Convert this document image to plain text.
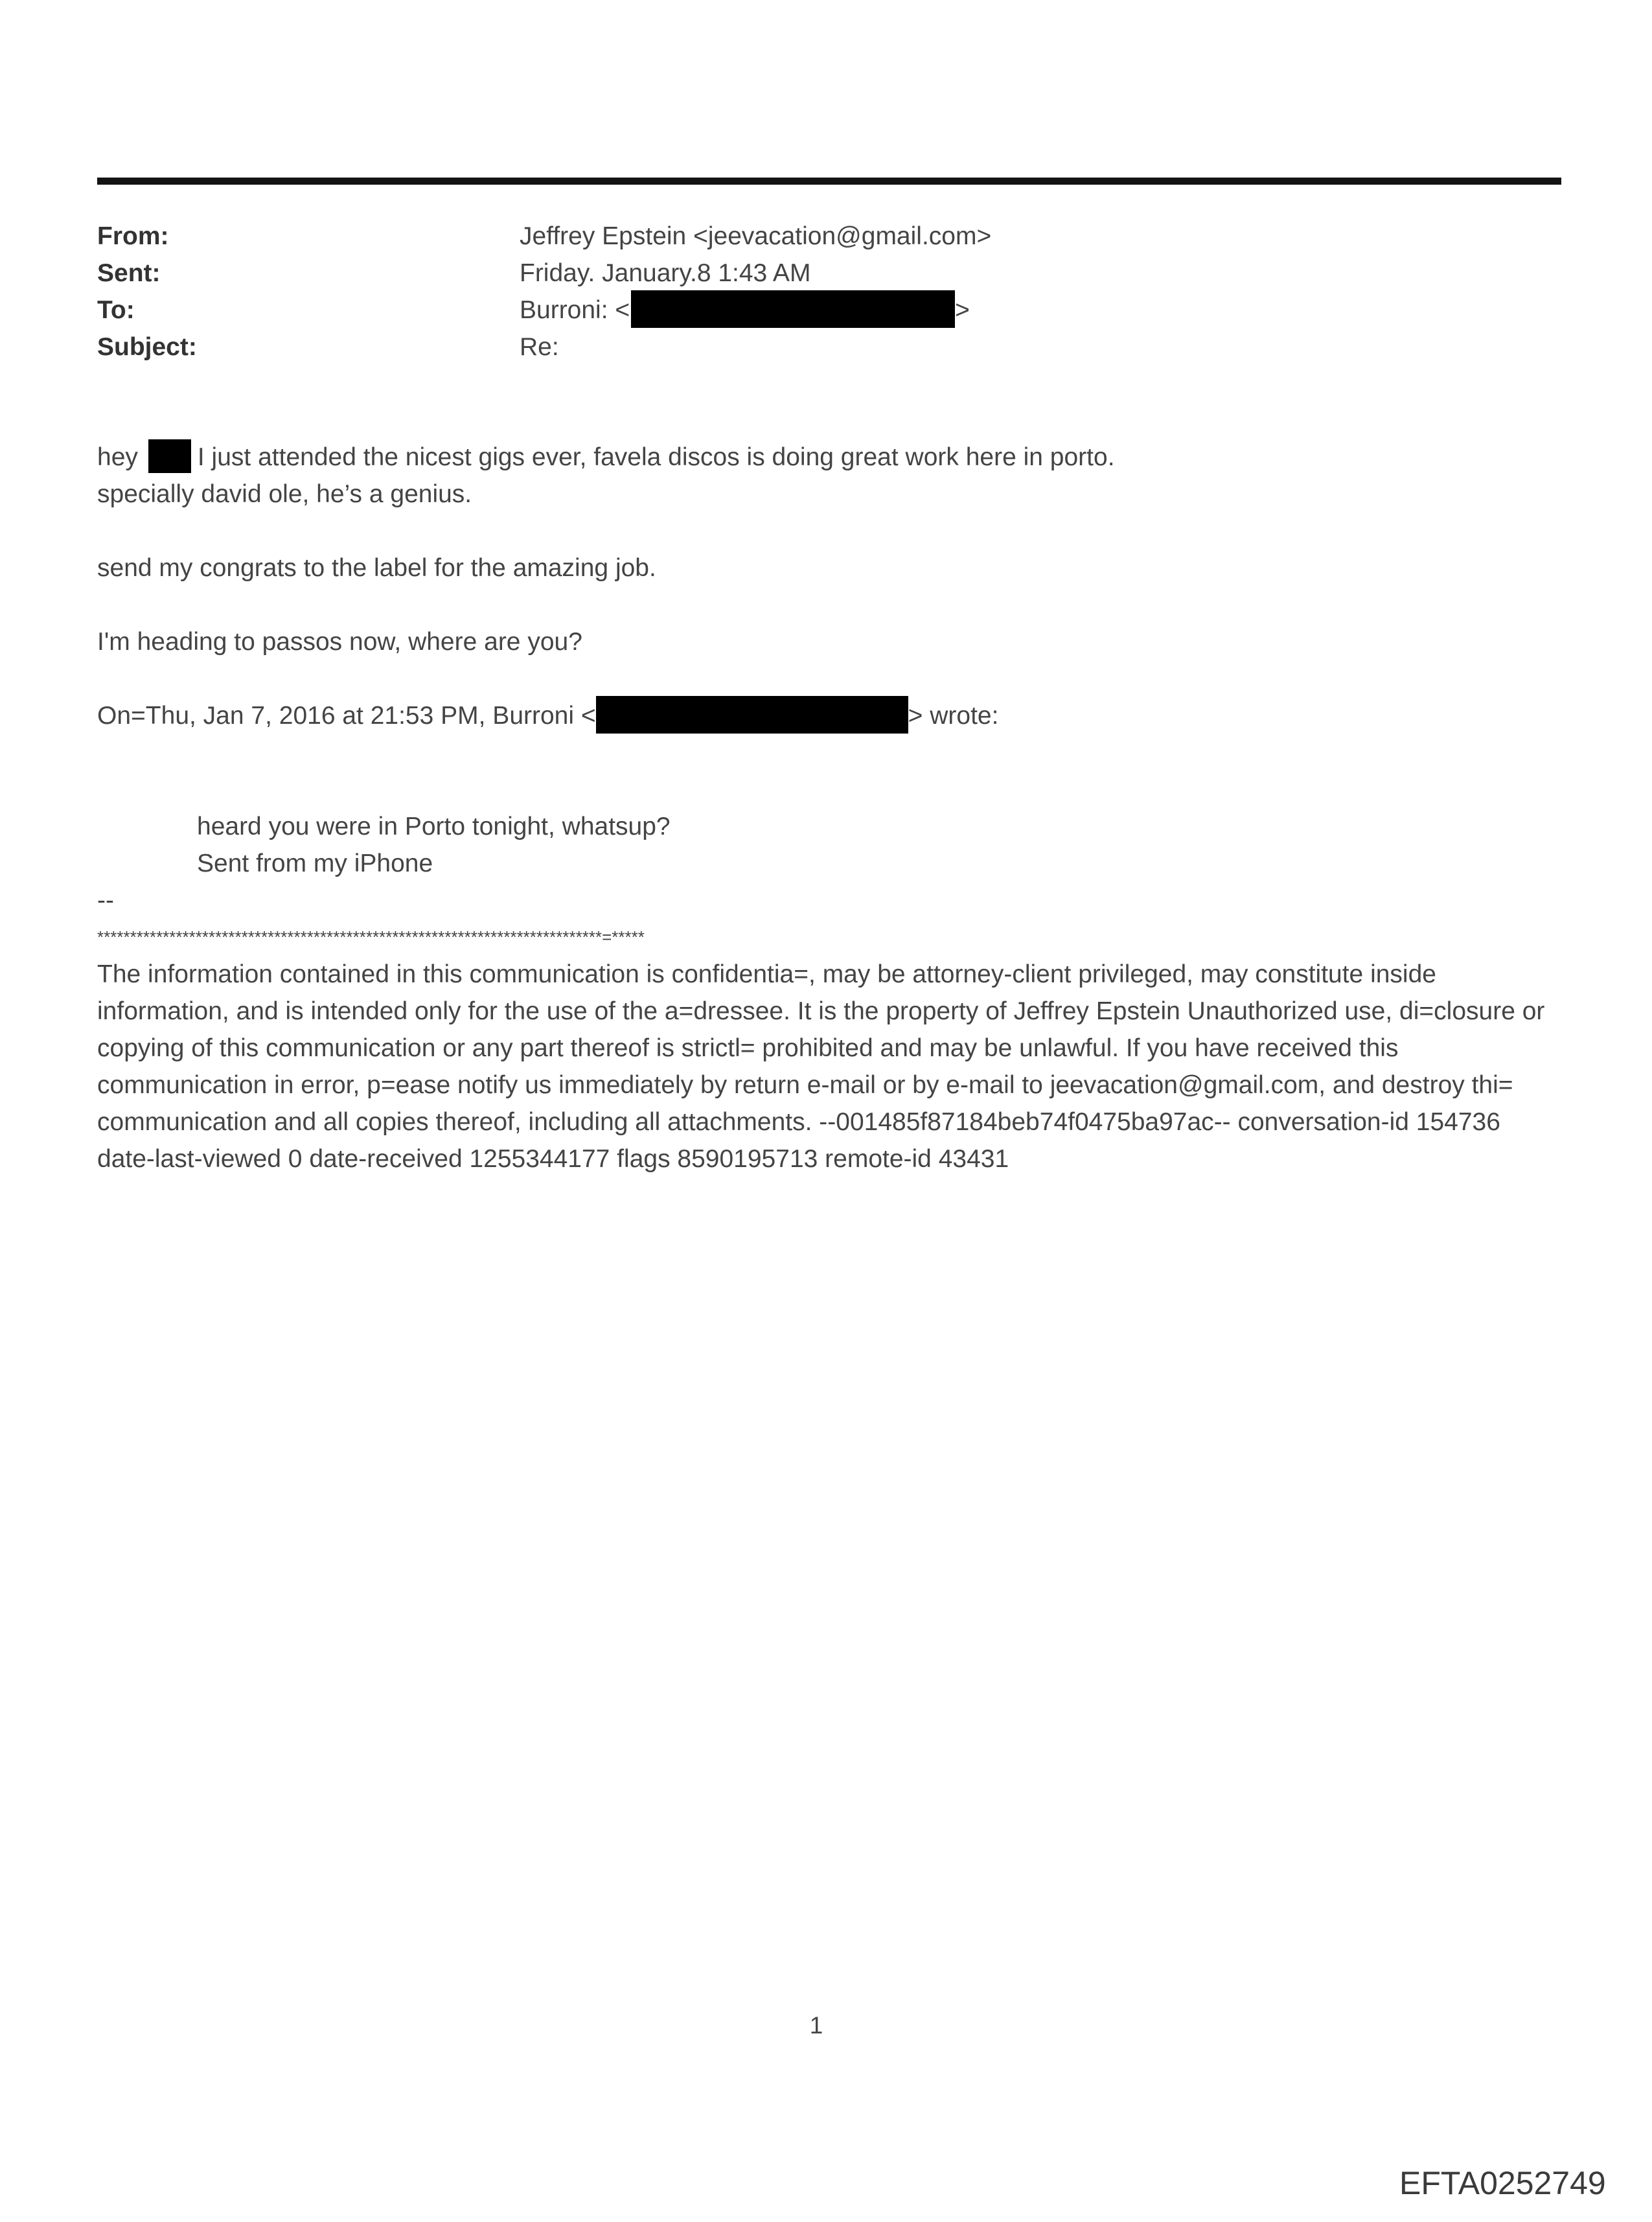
From:	Jeffrey Epstein <jeevacation@gmail.com>
Sent:	Friday. January.8 1:43 AM
To:	Burroni: <	>
Subject:	Re:
hey I just attended the nicest gigs ever, favela discos is doing great work here in porto.
specially david ole, he’s a genius.
send my congrats to the label for the amazing job.
I'm heading to passos now, where are you?
On=Thu, Jan 7, 2016 at 21:53 PM, Burroni <	> wrote:
heard you were in Porto tonight, whatsup?
Sent from my iPhone
--
*****************************************************************************=*****
The information contained in this communication is confidentia=, may be attorney-client privileged, may constitute inside information, and is intended only for the use of the a=dressee. It is the property of Jeffrey Epstein Unauthorized use, di=closure or copying of this communication or any part thereof is strictl= prohibited and may be unlawful. If you have received this communication in error, p=ease notify us immediately by return e-mail or by e-mail to jeevacation@gmail.com, and destroy thi= communication and all copies thereof, including all attachments. --001485f87184beb74f0475ba97ac-- conversation-id 154736 date-last-viewed 0 date-received 1255344177 flags 8590195713 remote-id 43431
1
EFTA0252749
